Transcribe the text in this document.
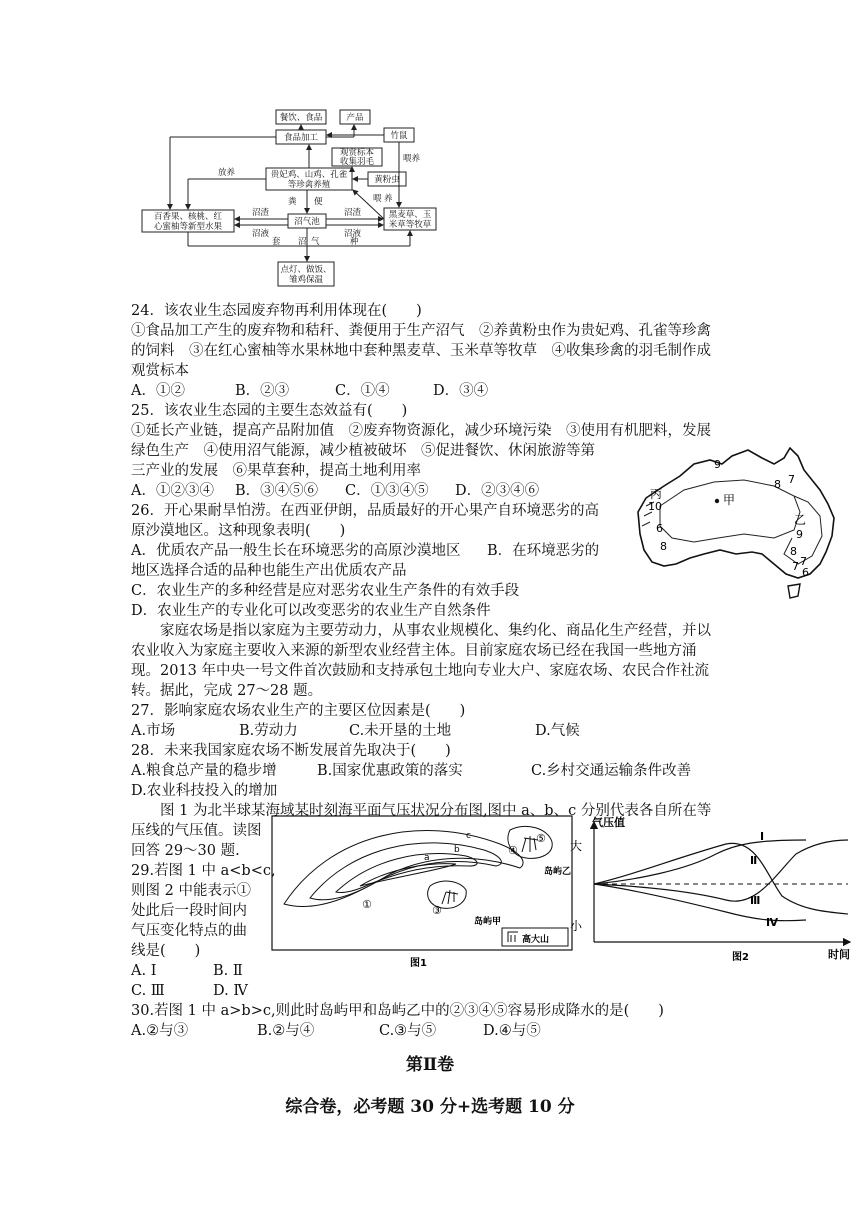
餐饮、食品	产品
食品加工	竹鼠
观赏标本
收集羽毛
贵妃鸡、山鸡、孔雀
等珍禽养殖	黄粉虫
百香果、核桃、红
心蜜柚等新型水果	沼气池
黑麦草、玉
米草等牧草
点灯、做饭、
雏鸡保温
放养
喂养
喂 养
粪 便
沼渣
沼液
沼渣
沼液
套	种
沼 气
24．该农业生态园废弃物再利用体现在(　　)
①食品加工产生的废弃物和秸秆、粪便用于生产沼气　②养黄粉虫作为贵妃鸡、孔雀等珍禽
的饲料　③在红心蜜柚等水果林地中套种黑麦草、玉米草等牧草　④收集珍禽的羽毛制作成
观赏标本
A．①②	B．②③	C．①④	D．③④
25．该农业生态园的主要生态效益有(　　)
①延长产业链，提高产品附加值　②废弃物资源化，减少环境污染　③使用有机肥料，发展
绿色生产　④使用沼气能源，减少植被破坏　⑤促进餐饮、休闲旅游等第
三产业的发展　⑥果草套种，提高土地利用率
A．①②③④ B．③④⑤⑥ C．①③④⑤ D．②③④⑥
甲
乙
丙
9
8 7
10
6
8
9
8
7
6
7
26．开心果耐旱怕涝。在西亚伊朗，品质最好的开心果产自环境恶劣的高
原沙漠地区。这种现象表明(　　)
A．优质农产品一般生长在环境恶劣的高原沙漠地区 B．在环境恶劣的
地区选择合适的品种也能生产出优质农产品
C．农业生产的多种经营是应对恶劣农业生产条件的有效手段
D．农业生产的专业化可以改变恶劣的农业生产自然条件
家庭农场是指以家庭为主要劳动力，从事农业规模化、集约化、商品化生产经营，并以
农业收入为家庭主要收入来源的新型农业经营主体。目前家庭农场已经在我国一些地方涌
现。2013 年中央一号文件首次鼓励和支持承包土地向专业大户、家庭农场、农民合作社流
转。据此，完成 27～28 题。
27．影响家庭农场农业生产的主要区位因素是(　　)
A.市场	B.劳动力	C.未开垦的土地	D.气候
28．未来我国家庭农场不断发展首先取决于(　　)
A.粮食总产量的稳步增	B.国家优惠政策的落实	C.乡村交通运输条件改善
D.农业科技投入的增加
图 1 为北半球某海域某时刻海平面气压状况分布图,图中 a、b、c 分别代表各自所在等
压线的气压值。读图
回答 29～30 题.
29.若图 1 中 a<b<c,
则图 2 中能表示①
处此后一段时间内
气压变化特点的曲
线是(　　)
A. Ⅰ	B. Ⅱ
C. Ⅲ	D. Ⅳ
c
b
a
①	③
④
⑤
岛屿甲
岛屿乙
高大山
图1
Ⅰ
Ⅱ
Ⅲ
Ⅳ
气压值
大
小
时间
图2
30.若图 1 中 a>b>c,则此时岛屿甲和岛屿乙中的②③④⑤容易形成降水的是(　　)
A.②与③	B.②与④	C.③与⑤	D.④与⑤
第Ⅱ卷
综合卷，必考题 30 分+选考题 10 分
